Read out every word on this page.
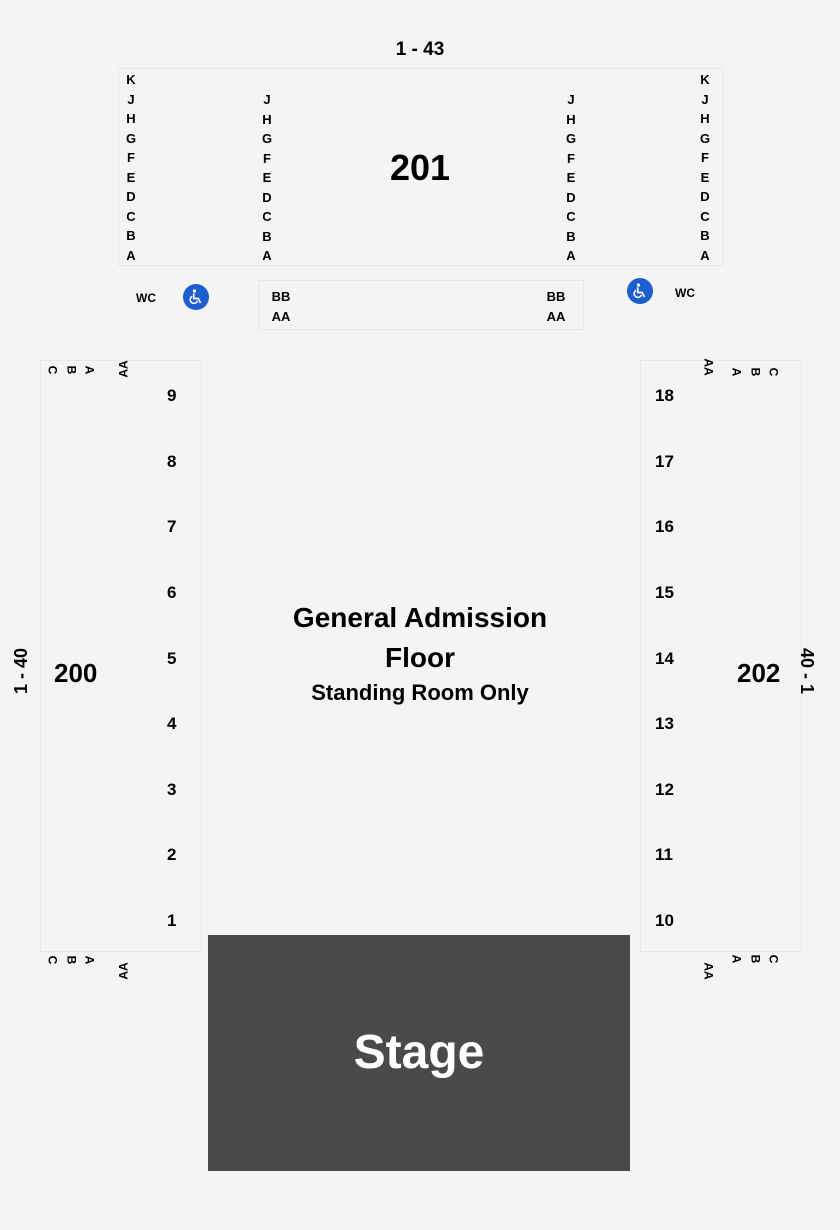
1 - 43
201
K
J
H
G
F
E
D
C
B
A
J
H
G
F
E
D
C
B
A
J
H
G
F
E
D
C
B
A
K
J
H
G
F
E
D
C
B
A
WC	WC
BB
AA
BB
AA
C B A AA
C B A
AA
AA A B C
AA
A B C
1 - 40 200	202 40 - 1
9
8
7
6
5
4
3
2
1
18
17
16
15
14
13
12
11
10
General Admission
Floor
Standing Room Only
Stage
